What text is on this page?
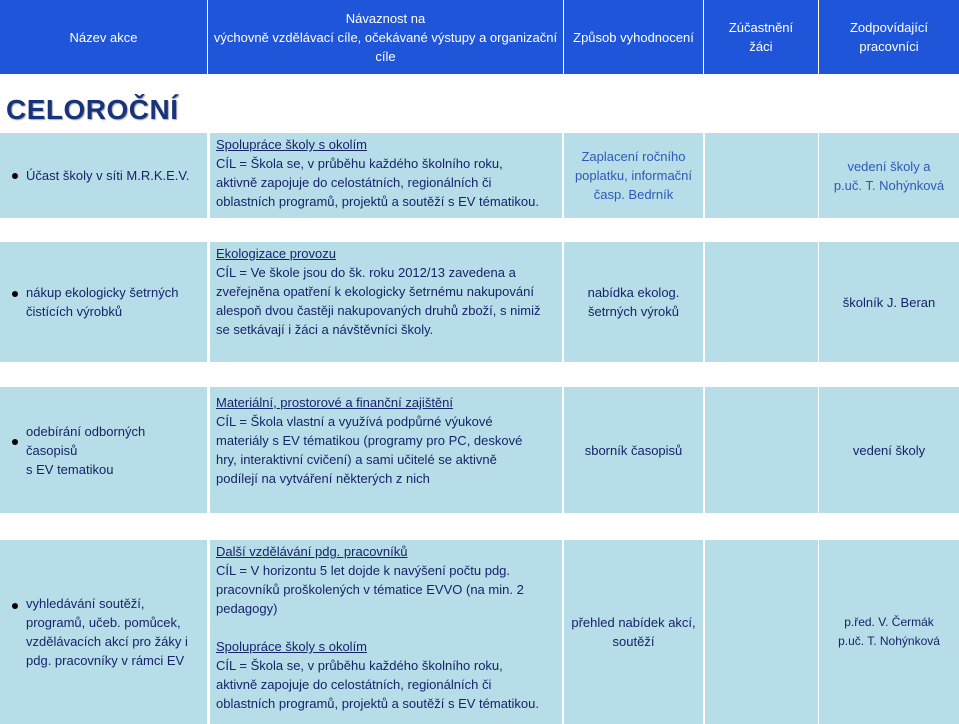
Název akce
Návaznost na
výchovně vzdělávací cíle, očekávané výstupy a organizační cíle
Způsob vyhodnocení
Zúčastnění
žáci
Zodpovídající
pracovníci
CELOROČNÍ
Účast školy v síti M.R.K.E.V.
Spolupráce školy s okolím
CÍL = Škola se, v průběhu každého školního roku,
aktivně zapojuje do celostátních, regionálních či
oblastních programů, projektů a soutěží s EV tématikou.
Zaplacení ročního
poplatku, informační
časp. Bedrník
vedení školy a
p.uč. T. Nohýnková
nákup ekologicky šetrných
čistících výrobků
Ekologizace provozu
CÍL = Ve škole jsou do šk. roku 2012/13 zavedena a
zveřejněna opatření k ekologicky šetrnému nakupování
alespoň dvou častěji nakupovaných druhů zboží, s nimiž
se setkávají i žáci a návštěvníci školy.
nabídka ekolog.
šetrných výroků
školník J. Beran
odebírání odborných časopisů
s EV tematikou
Materiální, prostorové a finanční zajištění
CÍL = Škola vlastní a využívá podpůrné výukové
materiály s EV tématikou (programy pro PC, deskové
hry, interaktivní cvičení) a sami učitelé se aktivně
podílejí na vytváření některých z nich
sborník časopisů	vedení školy
vyhledávání soutěží,
programů, učeb. pomůcek,
vzdělávacích akcí pro žáky i
pdg. pracovníky v rámci EV
Další vzdělávání pdg. pracovníků
CÍL = V horizontu 5 let dojde k navýšení počtu pdg.
pracovníků proškolených v tématice EVVO (na min. 2
pedagogy)
Spolupráce školy s okolím
CÍL = Škola se, v průběhu každého školního roku,
aktivně zapojuje do celostátních, regionálních či
oblastních programů, projektů a soutěží s EV tématikou.
přehled nabídek akcí,
soutěží
p.řed. V. Čermák
p.uč. T. Nohýnková
